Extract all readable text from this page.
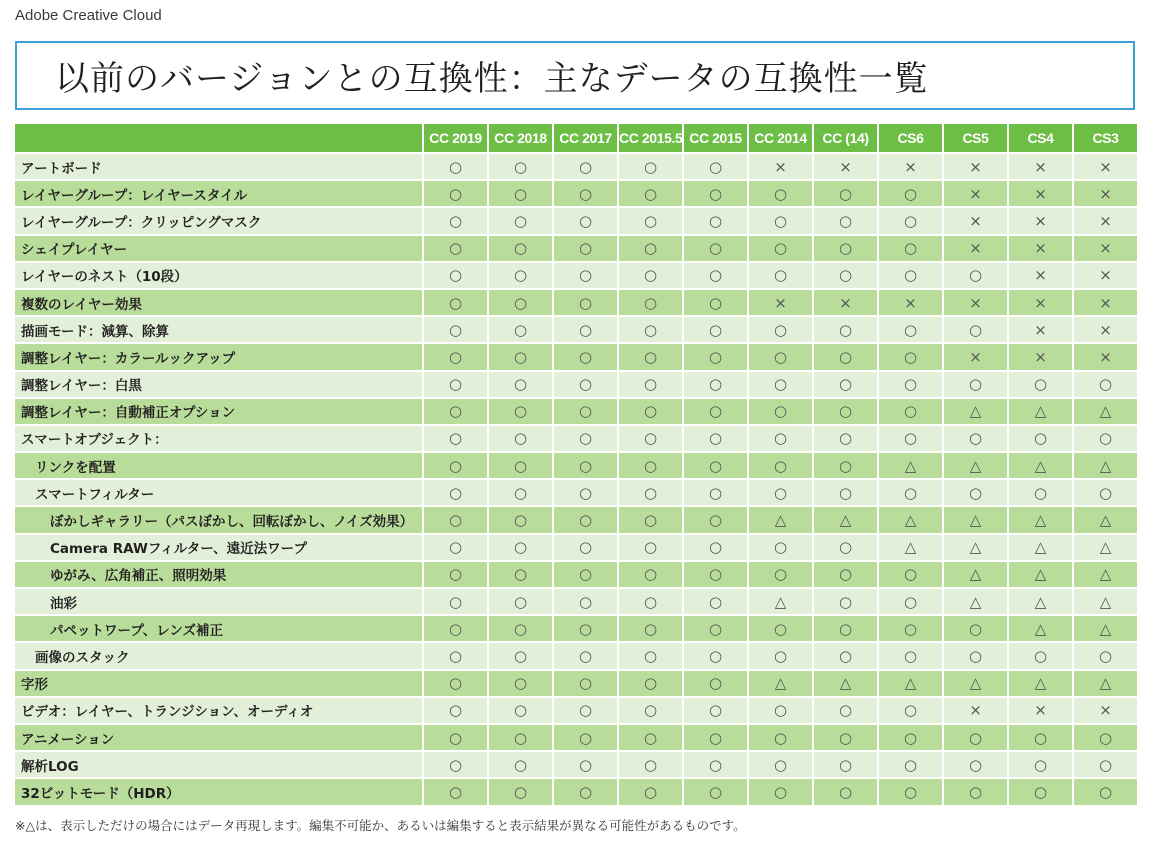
Adobe Creative Cloud
以前のバージョンとの互換性：主なデータの互換性一覧
	CC 2019	CC 2018	CC 2017	CC 2015.5	CC 2015	CC 2014	CC (14)	CS6	CS5	CS4	CS3
アートボード	○	○	○	○	○	×	×	×	×	×	×
レイヤーグループ：レイヤースタイル	○	○	○	○	○	○	○	○	×	×	×
レイヤーグループ：クリッピングマスク	○	○	○	○	○	○	○	○	×	×	×
シェイプレイヤー	○	○	○	○	○	○	○	○	×	×	×
レイヤーのネスト（10段）	○	○	○	○	○	○	○	○	○	×	×
複数のレイヤー効果	○	○	○	○	○	×	×	×	×	×	×
描画モード：減算、除算	○	○	○	○	○	○	○	○	○	×	×
調整レイヤー：カラールックアップ	○	○	○	○	○	○	○	○	×	×	×
調整レイヤー：白黒	○	○	○	○	○	○	○	○	○	○	○
調整レイヤー：自動補正オプション	○	○	○	○	○	○	○	○	△	△	△
スマートオブジェクト：	○	○	○	○	○	○	○	○	○	○	○
リンクを配置	○	○	○	○	○	○	○	△	△	△	△
スマートフィルター	○	○	○	○	○	○	○	○	○	○	○
ぼかしギャラリー（パスぼかし、回転ぼかし、ノイズ効果）	○	○	○	○	○	△	△	△	△	△	△
Camera RAWフィルター、遠近法ワープ	○	○	○	○	○	○	○	△	△	△	△
ゆがみ、広角補正、照明効果	○	○	○	○	○	○	○	○	△	△	△
油彩	○	○	○	○	○	△	○	○	△	△	△
パペットワープ、レンズ補正	○	○	○	○	○	○	○	○	○	△	△
画像のスタック	○	○	○	○	○	○	○	○	○	○	○
字形	○	○	○	○	○	△	△	△	△	△	△
ビデオ：レイヤー、トランジション、オーディオ	○	○	○	○	○	○	○	○	×	×	×
アニメーション	○	○	○	○	○	○	○	○	○	○	○
解析LOG	○	○	○	○	○	○	○	○	○	○	○
32ビットモード（HDR）	○	○	○	○	○	○	○	○	○	○	○
※△は、表示しただけの場合にはデータ再現します。編集不可能か、あるいは編集すると表示結果が異なる可能性があるものです。
